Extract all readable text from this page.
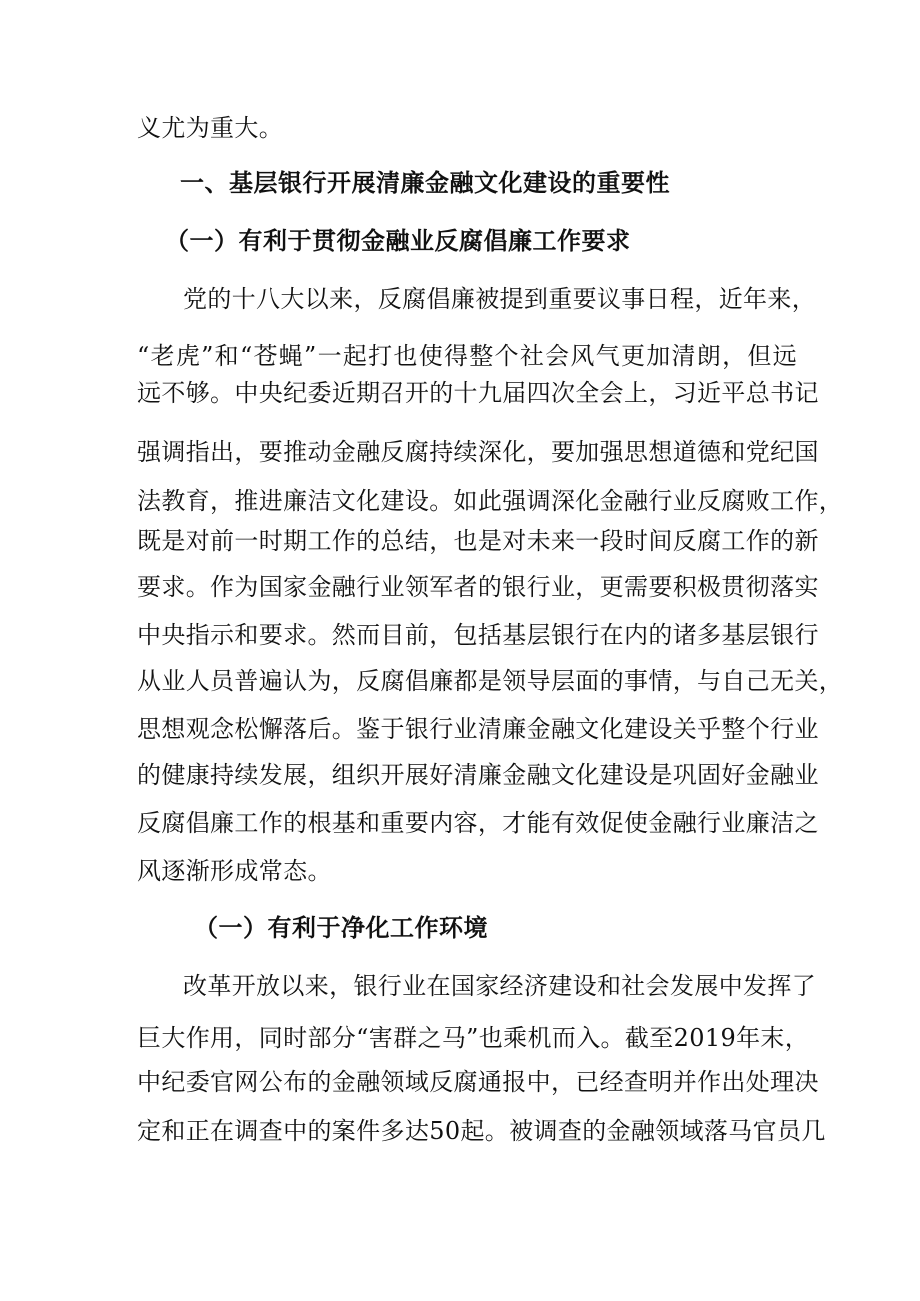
义尤为重大。
一、基层银行开展清廉金融文化建设的重要性
（一）有利于贯彻金融业反腐倡廉工作要求
党的十八大以来，反腐倡廉被提到重要议事日程，近年来，
“老虎”和“苍蝇”一起打也使得整个社会风气更加清朗，但远
远不够。中央纪委近期召开的十九届四次全会上，习近平总书记
强调指出，要推动金融反腐持续深化，要加强思想道德和党纪国
法教育，推进廉洁文化建设。如此强调深化金融行业反腐败工作，
既是对前一时期工作的总结，也是对未来一段时间反腐工作的新
要求。作为国家金融行业领军者的银行业，更需要积极贯彻落实
中央指示和要求。然而目前，包括基层银行在内的诸多基层银行
从业人员普遍认为，反腐倡廉都是领导层面的事情，与自己无关，
思想观念松懈落后。鉴于银行业清廉金融文化建设关乎整个行业
的健康持续发展，组织开展好清廉金融文化建设是巩固好金融业
反腐倡廉工作的根基和重要内容，才能有效促使金融行业廉洁之
风逐渐形成常态。
（一）有利于净化工作环境
改革开放以来，银行业在国家经济建设和社会发展中发挥了
巨大作用，同时部分“害群之马”也乘机而入。截至2019年末，
中纪委官网公布的金融领域反腐通报中，已经查明并作出处理决
定和正在调查中的案件多达50起。被调查的金融领域落马官员几
